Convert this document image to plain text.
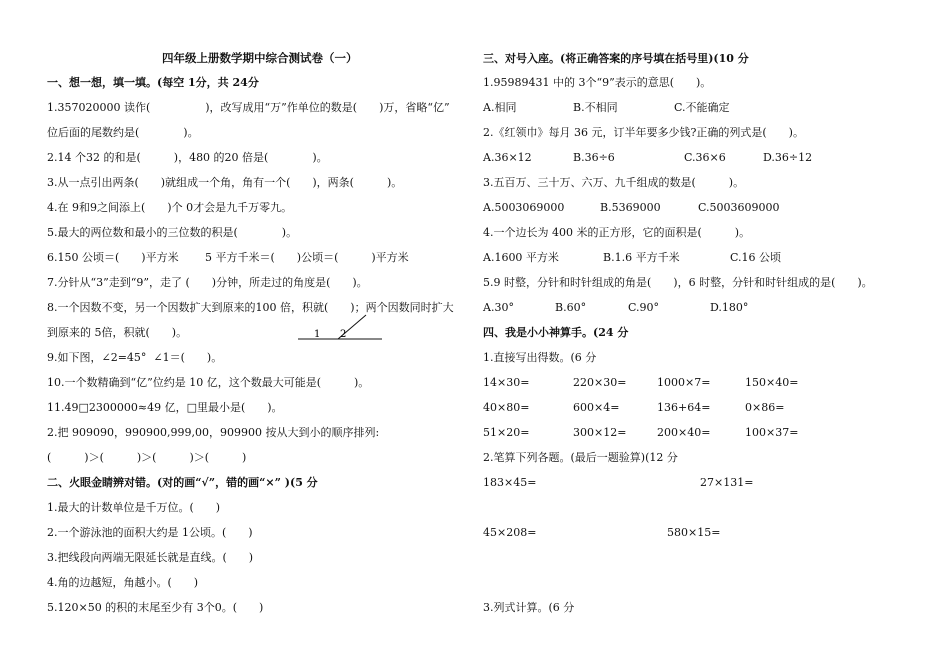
四年级上册数学期中综合测试卷（一）
一、想一想，填一填。(每空 1分，共 24分
1.357020000 读作(　　　　　)，改写成用“万”作单位的数是(　　)万，省略“亿”
位后面的尾数约是(　　　　)。
2.14 个32 的和是(　　　)，480 的20 倍是(　　　　)。
3.从一点引出两条(　　)就组成一个角，角有一个(　　)，两条(　　　)。
4.在 9和9之间添上(　　)个 0才会是九千万零九。
5.最大的两位数和最小的三位数的积是(　　　　)。
6.150 公顷＝(　　)平方米 5 平方千米＝(　　)公顷＝(　　　)平方米
7.分针从“3”走到“9”，走了 (　　)分钟，所走过的角度是(　　)。
8.一个因数不变，另一个因数扩大到原来的100 倍，积就(　　)；两个因数同时扩大
到原来的 5倍，积就(　　)。	1 2
9.如下图，∠2=45°  ∠1＝(　　)。
10.一个数精确到“亿”位约是 10 亿，这个数最大可能是(　　　)。
11.49□2300000≈49 亿，□里最小是(　　)。
2.把 909090，990900,999,00，909900 按从大到小的顺序排列:
(　　　)＞(　　　)＞(　　　)＞(　　　)
二、火眼金睛辨对错。(对的画“√”，错的画“×” )(5 分
1.最大的计数单位是千万位。(　　)
2.一个游泳池的面积大约是 1公顷。(　　)
3.把线段向两端无限延长就是直线。(　　)
4.角的边越短，角越小。(　　)
5.120×50 的积的末尾至少有 3个0。(　　)
三、对号入座。(将正确答案的序号填在括号里)(10 分
1.95989431 中的 3个“9”表示的意思(　　)。
A.相同	B.不相同	C.不能确定
2.《红领巾》每月 36 元，订半年要多少钱?正确的列式是(　　)。
A.36×12	B.36÷6	C.36×6	D.36÷12
3.五百万、三十万、六万、九千组成的数是(　　　)。
A.5003069000	B.5369000	C.5003609000
4.一个边长为 400 米的正方形，它的面积是(　　　)。
A.1600 平方米	B.1.6 平方千米	C.16 公顷
5.9 时整，分针和时针组成的角是(　　)，6 时整，分针和时针组成的是(　　)。
A.30°	B.60°	C.90°	D.180°
四、我是小小神算手。(24 分
1.直接写出得数。(6 分
14×30=	220×30=	1000×7=	150×40=
40×80=	600×4=	136+64=	0×86=
51×20=	300×12=	200×40=	100×37=
2.笔算下列各题。(最后一题验算)(12 分
183×45=	27×131=
45×208=	580×15=
3.列式计算。(6 分
